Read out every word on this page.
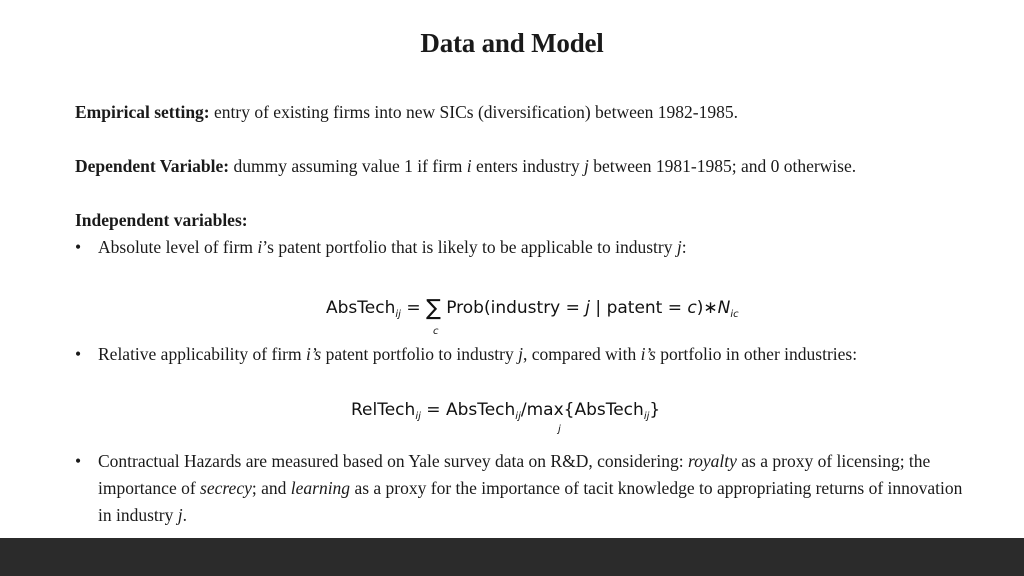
Data and Model
Empirical setting: entry of existing firms into new SICs (diversification) between 1982-1985.
Dependent Variable: dummy assuming value 1 if firm i enters industry j between 1981-1985; and 0 otherwise.
Independent variables:
• Absolute level of firm i’s patent portfolio that is likely to be applicable to industry j:
AbsTech$_{ij}$ = ∑ Prob(industry = j | patent = $c)∗N_{ic}$
c
• Relative applicability of firm i’s patent portfolio to industry j, compared with i’s portfolio in other industries:
RelTech$_{ij}$ = AbsTech$_{ij}$/max{AbsTech$_{ij}$}
j
• Contractual Hazards are measured based on Yale survey data on R&D, considering: royalty as a proxy of licensing; the importance of secrecy; and learning as a proxy for the importance of tacit knowledge to appropriating returns of innovation in industry j.
